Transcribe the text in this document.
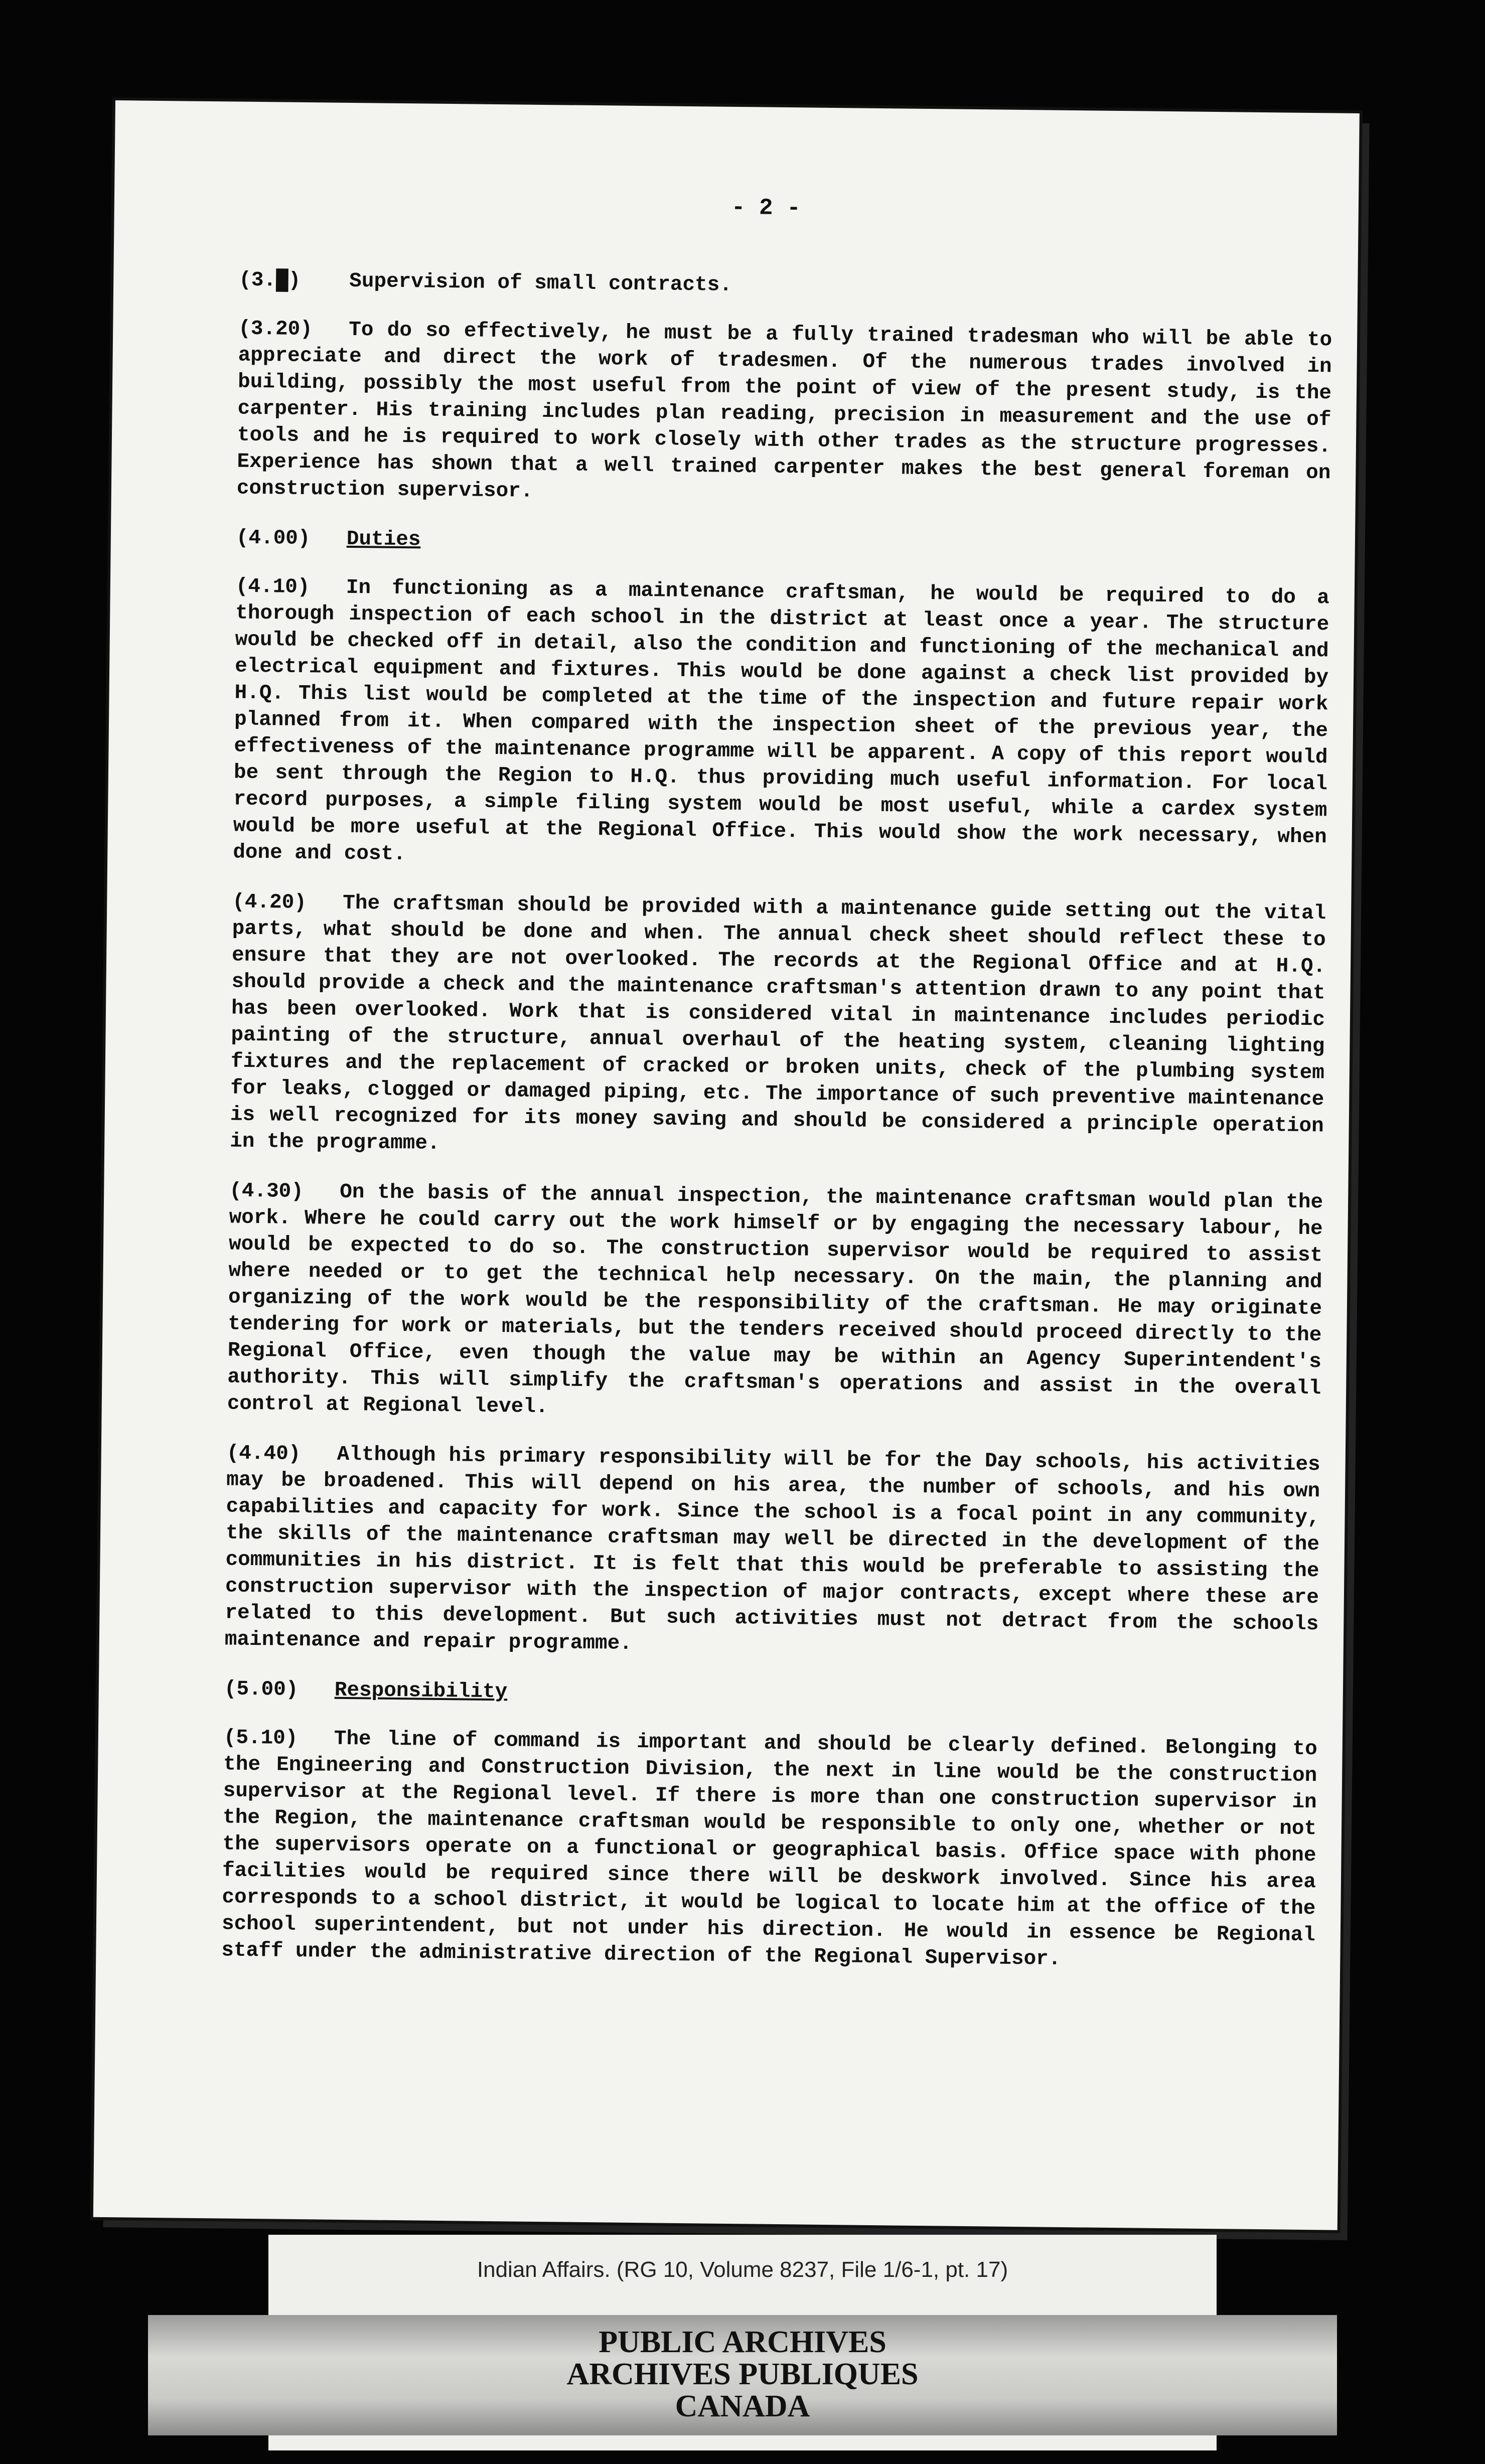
- 2 -
(3.█) Supervision of small contracts.
(3.20) To do so effectively, he must be a fully trained tradesman who will be able to appreciate and direct the work of tradesmen. Of the numerous trades involved in building, possibly the most useful from the point of view of the present study, is the carpenter. His training includes plan reading, precision in measurement and the use of tools and he is required to work closely with other trades as the structure progresses. Experience has shown that a well trained carpenter makes the best general foreman on construction supervisor.
(4.00) Duties
(4.10) In functioning as a maintenance craftsman, he would be required to do a thorough inspection of each school in the district at least once a year. The structure would be checked off in detail, also the condition and functioning of the mechanical and electrical equipment and fixtures. This would be done against a check list provided by H.Q. This list would be completed at the time of the inspection and future repair work planned from it. When compared with the inspection sheet of the previous year, the effectiveness of the maintenance programme will be apparent. A copy of this report would be sent through the Region to H.Q. thus providing much useful information. For local record purposes, a simple filing system would be most useful, while a cardex system would be more useful at the Regional Office. This would show the work necessary, when done and cost.
(4.20) The craftsman should be provided with a maintenance guide setting out the vital parts, what should be done and when. The annual check sheet should reflect these to ensure that they are not overlooked. The records at the Regional Office and at H.Q. should provide a check and the maintenance craftsman's attention drawn to any point that has been overlooked. Work that is considered vital in maintenance includes periodic painting of the structure, annual overhaul of the heating system, cleaning lighting fixtures and the replacement of cracked or broken units, check of the plumbing system for leaks, clogged or damaged piping, etc. The importance of such preventive maintenance is well recognized for its money saving and should be considered a principle operation in the programme.
(4.30) On the basis of the annual inspection, the maintenance craftsman would plan the work. Where he could carry out the work himself or by engaging the necessary labour, he would be expected to do so. The construction supervisor would be required to assist where needed or to get the technical help necessary. On the main, the planning and organizing of the work would be the responsibility of the craftsman. He may originate tendering for work or materials, but the tenders received should proceed directly to the Regional Office, even though the value may be within an Agency Superintendent's authority. This will simplify the craftsman's operations and assist in the overall control at Regional level.
(4.40) Although his primary responsibility will be for the Day schools, his activities may be broadened. This will depend on his area, the number of schools, and his own capabilities and capacity for work. Since the school is a focal point in any community, the skills of the maintenance craftsman may well be directed in the development of the communities in his district. It is felt that this would be preferable to assisting the construction supervisor with the inspection of major contracts, except where these are related to this development. But such activities must not detract from the schools maintenance and repair programme.
(5.00) Responsibility
(5.10) The line of command is important and should be clearly defined. Belonging to the Engineering and Construction Division, the next in line would be the construction supervisor at the Regional level. If there is more than one construction supervisor in the Region, the maintenance craftsman would be responsible to only one, whether or not the supervisors operate on a functional or geographical basis. Office space with phone facilities would be required since there will be deskwork involved. Since his area corresponds to a school district, it would be logical to locate him at the office of the school superintendent, but not under his direction. He would in essence be Regional staff under the administrative direction of the Regional Supervisor.
Indian Affairs. (RG 10, Volume 8237, File 1/6-1, pt. 17)
PUBLIC ARCHIVES
ARCHIVES PUBLIQUES
CANADA
